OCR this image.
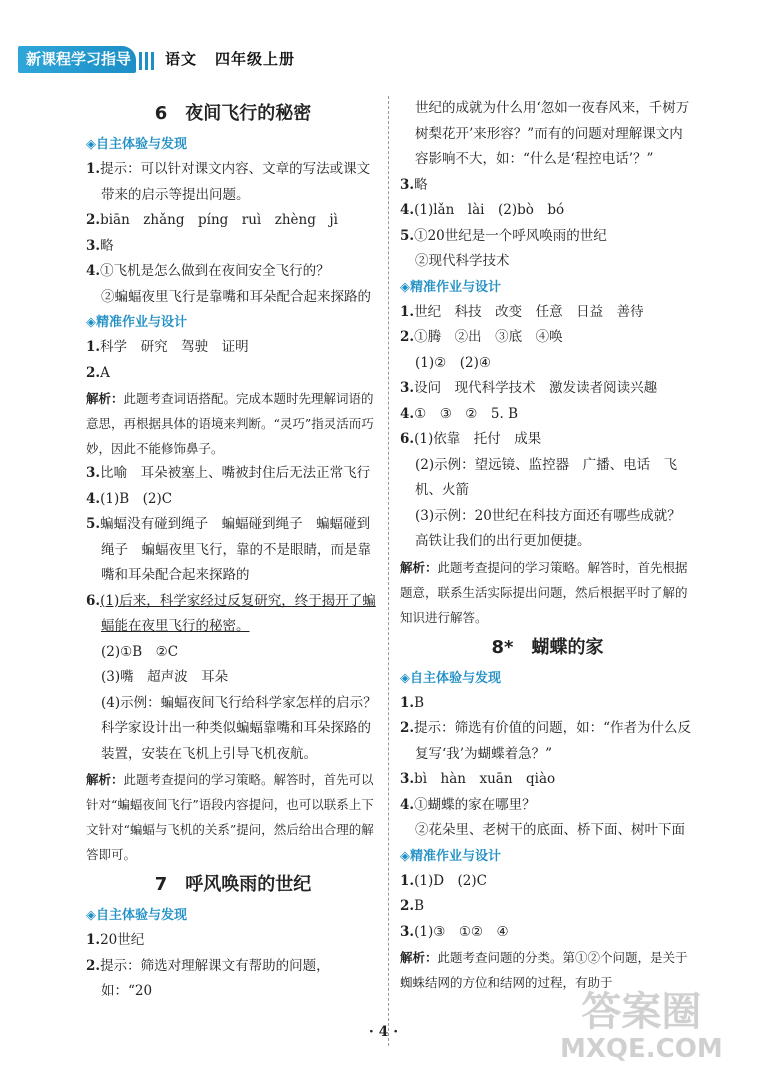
新课程学习指导	语文 四年级上册

6 夜间飞行的秘密

◈自主体验与发现

1.提示：可以针对课文内容、文章的写法或课文带来的启示等提出问题。

2.biān　zhǎng　píng　ruì　zhèng　jì

3.略

4.①飞机是怎么做到在夜间安全飞行的？

②蝙蝠夜里飞行是靠嘴和耳朵配合起来探路的

◈精准作业与设计

1.科学　研究　驾驶　证明

2.A

解析：此题考查词语搭配。完成本题时先理解词语的意思，再根据具体的语境来判断。“灵巧”指灵活而巧妙，因此不能修饰鼻子。

3.比喻　耳朵被塞上、嘴被封住后无法正常飞行

4.(1)B　(2)C

5.蝙蝠没有碰到绳子　蝙蝠碰到绳子　蝙蝠碰到绳子　蝙蝠夜里飞行，靠的不是眼睛，而是靠嘴和耳朵配合起来探路的

6.(1)后来，科学家经过反复研究，终于揭开了蝙蝠能在夜里飞行的秘密。

(2)①B　②C

(3)嘴　超声波　耳朵

(4)示例：蝙蝠夜间飞行给科学家怎样的启示？　科学家设计出一种类似蝙蝠靠嘴和耳朵探路的装置，安装在飞机上引导飞机夜航。

解析：此题考查提问的学习策略。解答时，首先可以针对“蝙蝠夜间飞行”语段内容提问，也可以联系上下文针对“蝙蝠与飞机的关系”提问，然后给出合理的解答即可。

7 呼风唤雨的世纪

◈自主体验与发现

1.20世纪

2.提示：筛选对理解课文有帮助的问题，如：“20

世纪的成就为什么用‘忽如一夜春风来，千树万树梨花开’来形容？”而有的问题对理解课文内容影响不大，如：“什么是‘程控电话’？”

3.略

4.(1)lǎn　lài　(2)bò　bó

5.①20世纪是一个呼风唤雨的世纪

②现代科学技术

◈精准作业与设计

1.世纪　科技　改变　任意　日益　善待

2.①腾　②出　③底　④唤

(1)②　(2)④

3.设问　现代科学技术　激发读者阅读兴趣

4.①　③　②　5. B

6.(1)依靠　托付　成果

(2)示例：望远镜、监控器　广播、电话　飞机、火箭

(3)示例：20世纪在科技方面还有哪些成就？　高铁让我们的出行更加便捷。

解析：此题考查提问的学习策略。解答时，首先根据题意，联系生活实际提出问题，然后根据平时了解的知识进行解答。

8* 蝴蝶的家

◈自主体验与发现

1.B

2.提示：筛选有价值的问题，如：“作者为什么反复写‘我’为蝴蝶着急？”

3.bì　hàn　xuān　qiào

4.①蝴蝶的家在哪里？

②花朵里、老树干的底面、桥下面、树叶下面

◈精准作业与设计

1.(1)D　(2)C

2.B

3.(1)③　①②　④

解析：此题考查问题的分类。第①②个问题，是关于蜘蛛结网的方位和结网的过程，有助于

· 4 ·	答案圈
MXQE.COM
